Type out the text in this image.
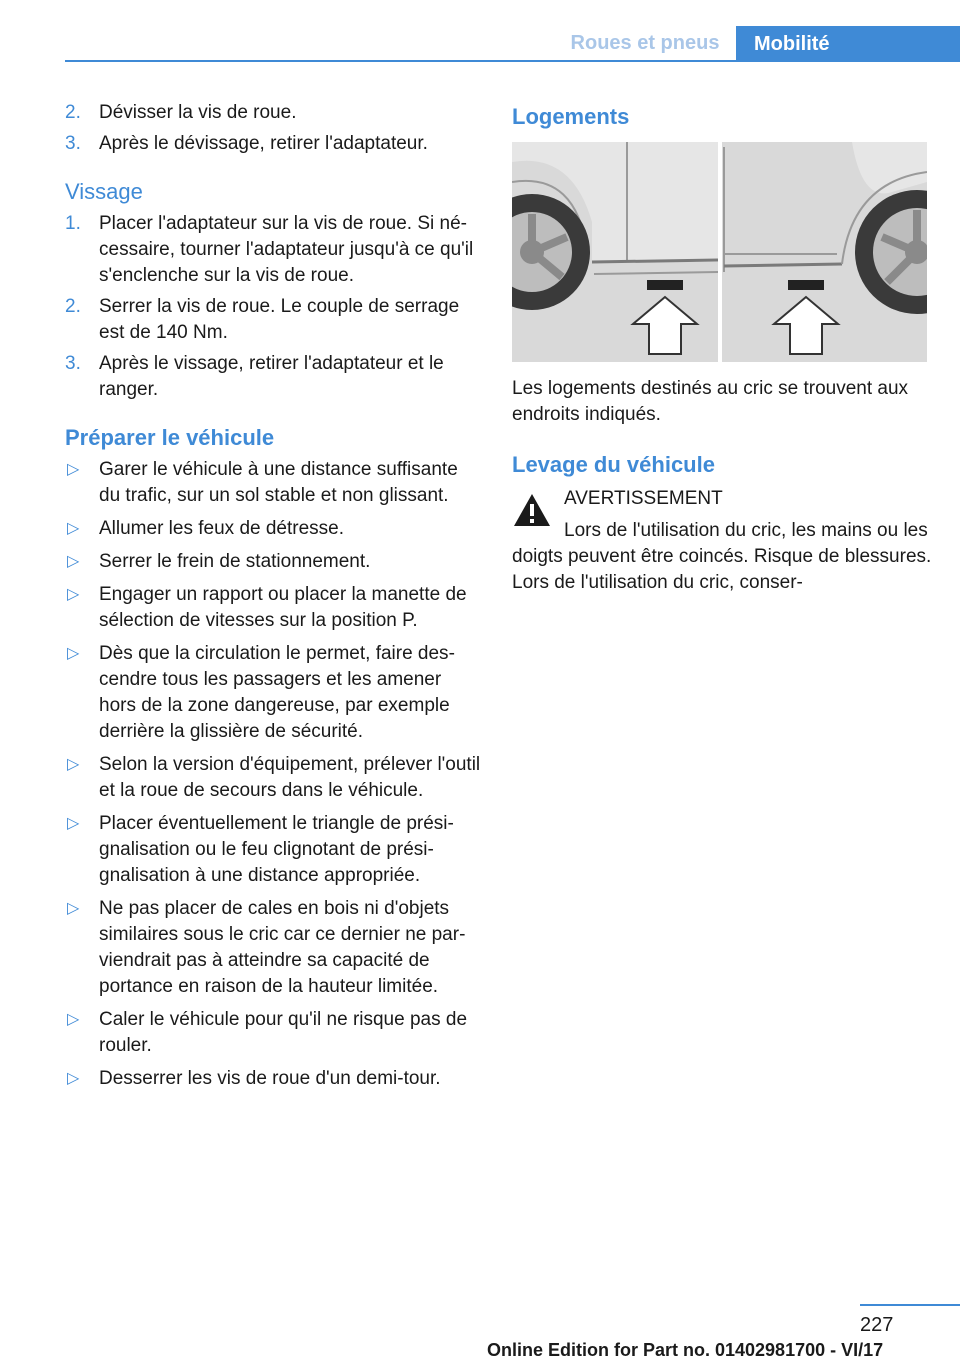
Roues et pneus	Mobilité
2. Dévisser la vis de roue.
3. Après le dévissage, retirer l'adaptateur.
Vissage
1. Placer l'adaptateur sur la vis de roue. Si nécessaire, tourner l'adaptateur jusqu'à ce qu'il s'enclenche sur la vis de roue.
2. Serrer la vis de roue. Le couple de serrage est de 140 Nm.
3. Après le vissage, retirer l'adaptateur et le ranger.
Préparer le véhicule
▷ Garer le véhicule à une distance suffisante du trafic, sur un sol stable et non glissant.
▷ Allumer les feux de détresse.
▷ Serrer le frein de stationnement.
▷ Engager un rapport ou placer la manette de sélection de vitesses sur la position P.
▷ Dès que la circulation le permet, faire descendre tous les passagers et les amener hors de la zone dangereuse, par exemple derrière la glissière de sécurité.
▷ Selon la version d'équipement, prélever l'outil et la roue de secours dans le véhicule.
▷ Placer éventuellement le triangle de présignalisation ou le feu clignotant de présignalisation à une distance appropriée.
▷ Ne pas placer de cales en bois ni d'objets similaires sous le cric car ce dernier ne parviendrait pas à atteindre sa capacité de portance en raison de la hauteur limitée.
▷ Caler le véhicule pour qu'il ne risque pas de rouler.
▷ Desserrer les vis de roue d'un demi-tour.
Logements
Les logements destinés au cric se trouvent aux endroits indiqués.
Levage du véhicule
AVERTISSEMENT
Lors de l'utilisation du cric, les mains ou les doigts peuvent être coincés. Risque de blessures. Lors de l'utilisation du cric, conser-
227
Online Edition for Part no. 01402981700 - VI/17
